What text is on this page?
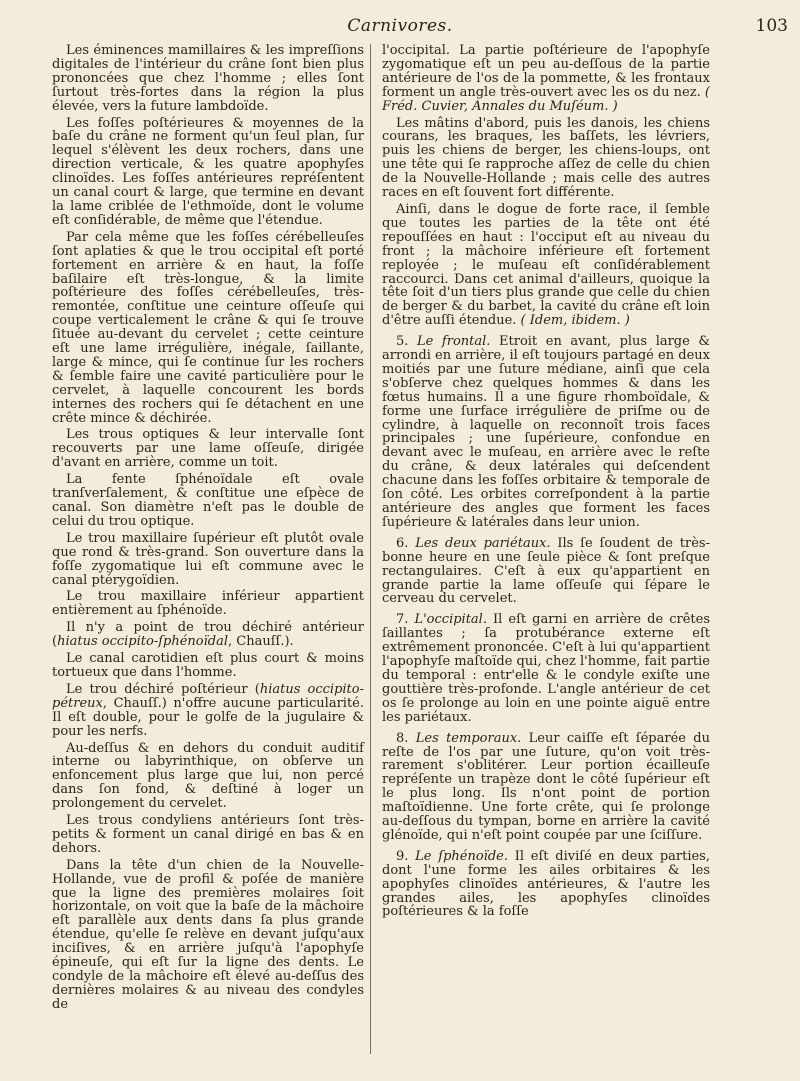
Carnivores.	103

Les éminences mamillaires & les impreſſions digitales de l'intérieur du crâne ſont bien plus prononcées que chez l'homme ; elles ſont ſurtout très-fortes dans la région la plus élevée, vers la future lambdoïde.

Les foſſes poſtérieures & moyennes de la baſe du crâne ne forment qu'un ſeul plan, ſur lequel s'élèvent les deux rochers, dans une direction verticale, & les quatre apophyſes clinoïdes. Les foſſes antérieures repréſentent un canal court & large, que termine en devant la lame criblée de l'ethmoïde, dont le volume eſt conſidérable, de même que l'étendue.

Par cela même que les foſſes cérébelleuſes ſont aplaties & que le trou occipital eſt porté fortement en arrière & en haut, la foſſe baſilaire eſt très-longue, & la limite poſtérieure des foſſes cérébelleuſes, très-remontée, conſtitue une ceinture oſſeuſe qui coupe verticalement le crâne & qui ſe trouve ſituée au-devant du cervelet ; cette ceinture eſt une lame irrégulière, inégale, ſaillante, large & mince, qui ſe continue ſur les rochers & ſemble faire une cavité particulière pour le cervelet, à laquelle concourent les bords internes des rochers qui ſe détachent en une crête mince & déchirée.

Les trous optiques & leur intervalle ſont recouverts par une lame oſſeuſe, dirigée d'avant en arrière, comme un toit.

La fente ſphénoïdale eſt ovale tranſverſalement, & conſtitue une eſpèce de canal. Son diamètre n'eſt pas le double de celui du trou optique.

Le trou maxillaire ſupérieur eſt plutôt ovale que rond & très-grand. Son ouverture dans la foſſe zygomatique lui eſt commune avec le canal ptérygoïdien.

Le trou maxillaire inférieur appartient entièrement au ſphénoïde.

Il n'y a point de trou déchiré antérieur (hiatus occipito-ſphénoïdal, Chauſſ.).

Le canal carotidien eſt plus court & moins tortueux que dans l'homme.

Le trou déchiré poſtérieur (hiatus occipito-pétreux, Chauſſ.) n'offre aucune particularité. Il eſt double, pour le golfe de la jugulaire & pour les nerfs.

Au-deſſus & en dehors du conduit auditif interne ou labyrinthique, on obſerve un enfoncement plus large que lui, non percé dans ſon fond, & deſtiné à loger un prolongement du cervelet.

Les trous condyliens antérieurs ſont très-petits & forment un canal dirigé en bas & en dehors.

Dans la tête d'un chien de la Nouvelle-Hollande, vue de profil & poſée de manière que la ligne des premières molaires ſoit horizontale, on voit que la baſe de la mâchoire eſt parallèle aux dents dans ſa plus grande étendue, qu'elle ſe relève en devant juſqu'aux inciſives, & en arrière juſqu'à l'apophyſe épineuſe, qui eſt ſur la ligne des dents. Le condyle de la mâchoire eſt élevé au-deſſus des dernières molaires & au niveau des condyles de

l'occipital. La partie poſtérieure de l'apophyſe zygomatique eſt un peu au-deſſous de la partie antérieure de l'os de la pommette, & les frontaux forment un angle très-ouvert avec les os du nez. ( Fréd. Cuvier, Annales du Muſéum. )

Les mâtins d'abord, puis les danois, les chiens courans, les braques, les baſſets, les lévriers, puis les chiens de berger, les chiens-loups, ont une tête qui ſe rapproche aſſez de celle du chien de la Nouvelle-Hollande ; mais celle des autres races en eſt ſouvent fort différente.

Ainſi, dans le dogue de forte race, il ſemble que toutes les parties de la tête ont été repouſſées en haut : l'occiput eſt au niveau du front ; la mâchoire inférieure eſt fortement reployée ; le muſeau eſt conſidérablement raccourci. Dans cet animal d'ailleurs, quoique la tête ſoit d'un tiers plus grande que celle du chien de berger & du barbet, la cavité du crâne eſt loin d'être auſſi étendue. ( Idem, ibidem. )

5. Le frontal. Etroit en avant, plus large & arrondi en arrière, il eſt toujours partagé en deux moitiés par une ſuture médiane, ainſi que cela s'obſerve chez quelques hommes & dans les fœtus humains. Il a une figure rhomboïdale, & forme une ſurface irrégulière de priſme ou de cylindre, à laquelle on reconnoît trois faces principales ; une ſupérieure, confondue en devant avec le muſeau, en arrière avec le reſte du crâne, & deux latérales qui deſcendent chacune dans les foſſes orbitaire & temporale de ſon côté. Les orbites correſpondent à la partie antérieure des angles que forment les faces ſupérieure & latérales dans leur union.

6. Les deux pariétaux. Ils ſe ſoudent de très-bonne heure en une ſeule pièce & ſont preſque rectangulaires. C'eſt à eux qu'appartient en grande partie la lame oſſeuſe qui ſépare le cerveau du cervelet.

7. L'occipital. Il eſt garni en arrière de crêtes ſaillantes ; ſa protubérance externe eſt extrêmement prononcée. C'eſt à lui qu'appartient l'apophyſe maſtoïde qui, chez l'homme, fait partie du temporal : entr'elle & le condyle exiſte une gouttière très-profonde. L'angle antérieur de cet os ſe prolonge au loin en une pointe aiguë entre les pariétaux.

8. Les temporaux. Leur caiſſe eſt ſéparée du reſte de l'os par une ſuture, qu'on voit très-rarement s'oblitérer. Leur portion écailleuſe repréſente un trapèze dont le côté ſupérieur eſt le plus long. Ils n'ont point de portion maſtoïdienne. Une forte crête, qui ſe prolonge au-deſſous du tympan, borne en arrière la cavité glénoïde, qui n'eſt point coupée par une ſciſſure.

9. Le ſphénoïde. Il eſt diviſé en deux parties, dont l'une forme les ailes orbitaires & les apophyſes clinoïdes antérieures, & l'autre les grandes ailes, les apophyſes clinoïdes poſtérieures & la foſſe
